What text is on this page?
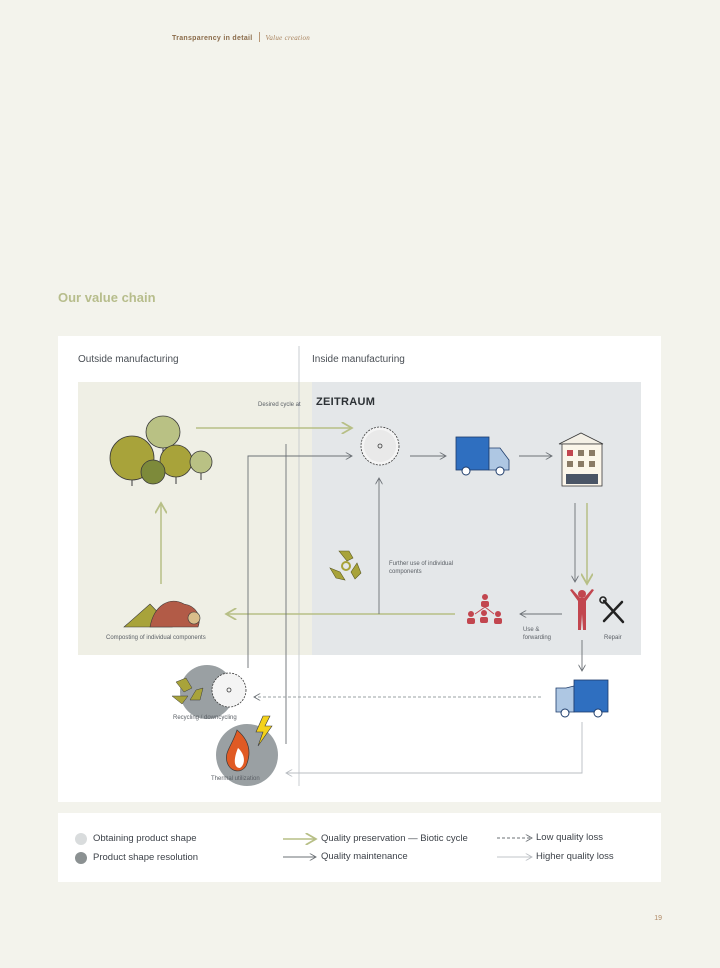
Transparency in detail Value creation
Our value chain
Outside manufacturing	Inside manufacturing
Desired cycle at ZEITRAUM
Further use of individual components
Composting of individual components
Use & forwarding	Repair
Recycling / downcycling
Thermal utilization
Obtaining product shape
Product shape resolution
Quality preservation — Biotic cycle
Quality maintenance
Low quality loss
Higher quality loss
19
